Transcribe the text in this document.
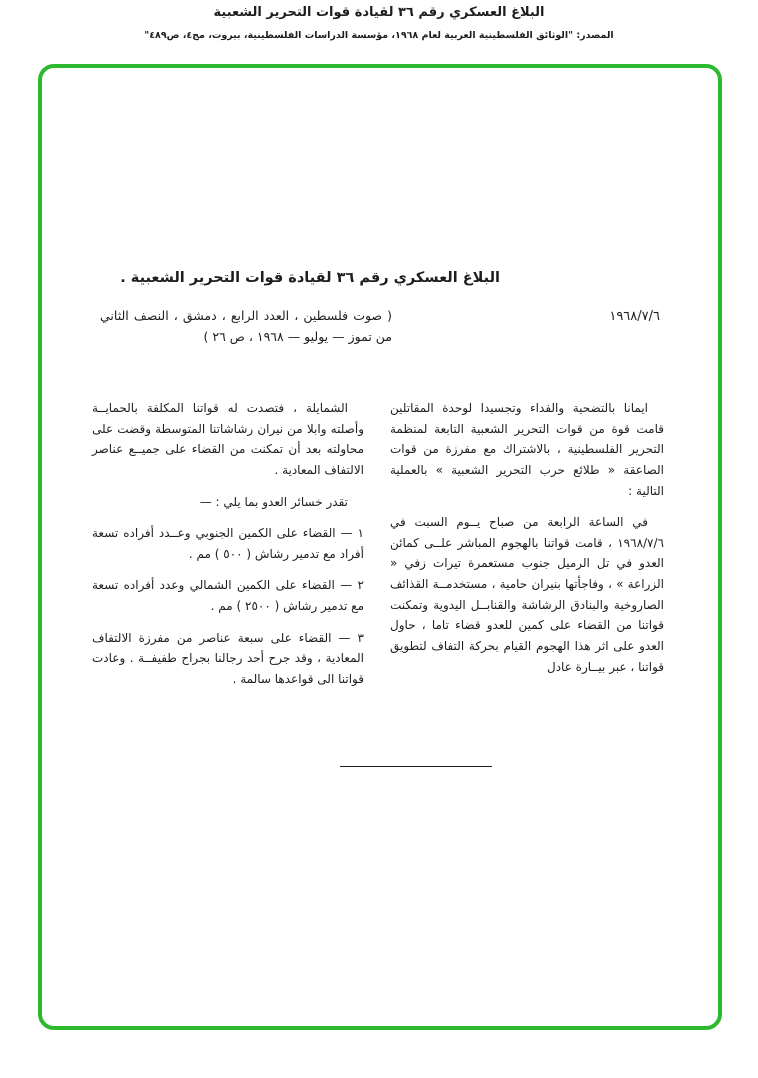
البلاغ العسكري رقم ٣٦ لقيادة قوات التحرير الشعبية
المصدر: "الوثائق الفلسطينية العربية لعام ١٩٦٨، مؤسسة الدراسات الفلسطينية، بيروت، مج٤، ص٤٨٩"
البلاغ العسكري رقم ٣٦ لقيادة قوات التحرير الشعبية .
١٩٦٨/٧/٦
( صوت فلسطين ، العدد الرابع ، دمشق ، النصف الثاني من تموز — يوليو — ١٩٦٨ ، ص ٢٦ )

ايمانا بالتضحية والفداء وتجسيدا لوحدة المقاتلين قامت قوة من قوات التحرير الشعبية التابعة لمنظمة التحرير الفلسطينية ، بالاشتراك مع مفرزة من قوات الصاعقة « طلائع حرب التحرير الشعبية » بالعملية التالية :

في الساعة الرابعة من صباح يــوم السبت في ١٩٦٨/٧/٦ ، قامت قواتنا بالهجوم المباشر علــى كمائن العدو في تل الرميل جنوب مستعمرة تيرات زفي « الزراعة » ، وفاجأتها بنيران حامية ، مستخدمــة القذائف الصاروخية والبنادق الرشاشة والقنابــل اليدوية وتمكنت قواتنا من القضاء على كمين للعدو قضاء تاما ، حاول العدو على اثر هذا الهجوم القيام بحركة التفاف لتطويق قواتنا ، عبر بيــارة عادل

الشمايلة ، فتصدت له قواتنا المكلفة بالحمايــة وأصلته وابلا من نيران رشاشاتنا المتوسطة وقضت على محاولته بعد أن تمكنت من القضاء على جميــع عناصر الالتفاف المعادية .

تقدر خسائر العدو بما يلي : —

١ — القضاء على الكمين الجنوبي وعــدد أفراده تسعة أفراد مع تدمير رشاش ( ٥٠٠ ) مم .

٢ — القضاء على الكمين الشمالي وعدد أفراده تسعة مع تدمير رشاش ( ٢٥٠٠ ) مم .

٣ — القضاء على سبعة عناصر من مفرزة الالتفاف المعادية ، وقد جرح أحد رجالنا بجراح طفيفــة . وعادت قواتنا الى قواعدها سالمة .
